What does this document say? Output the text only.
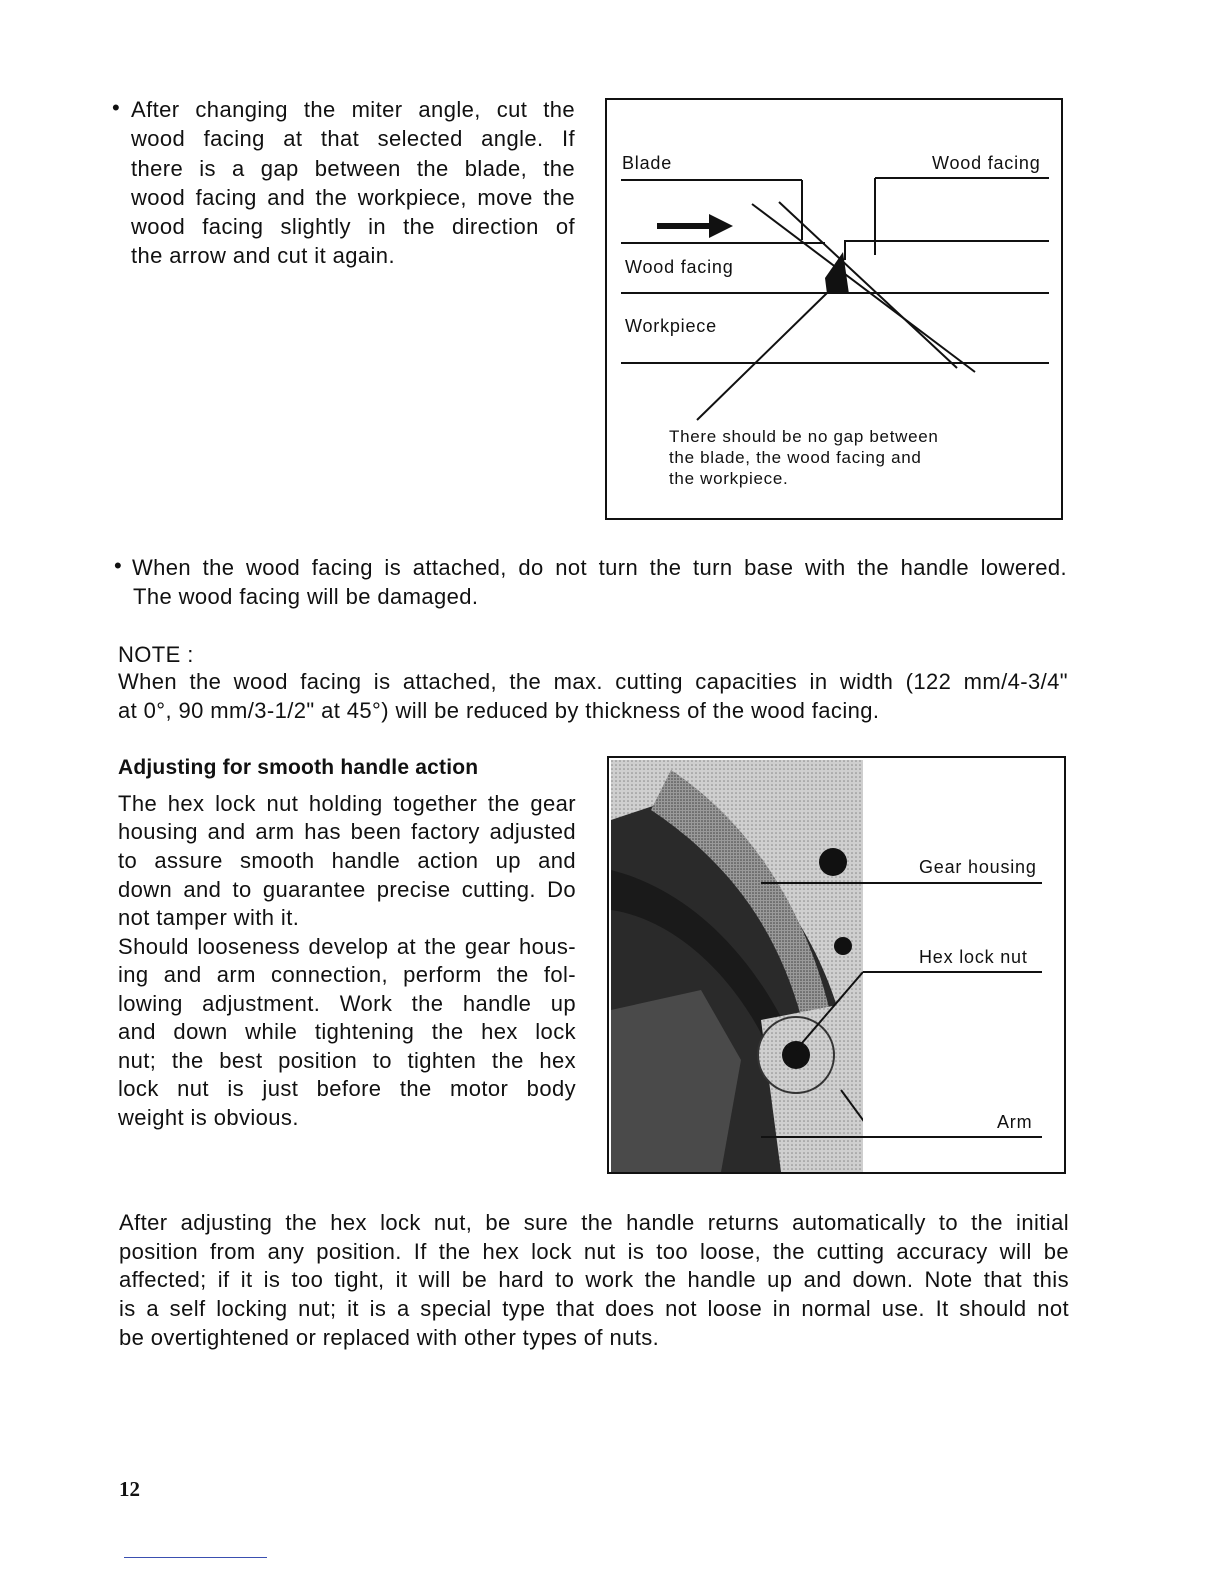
• After changing the miter angle, cut the
wood facing at that selected angle. If
there is a gap between the blade, the
wood facing and the workpiece, move the
wood facing slightly in the direction of
the arrow and cut it again.
Blade	Wood facing
Wood facing
Workpiece
There should be no gap between
the blade, the wood facing and
the workpiece.
• When the wood facing is attached, do not turn the turn base with the handle lowered.
The wood facing will be damaged.
NOTE :
When the wood facing is attached, the max. cutting capacities in width (122 mm/4-3/4"
at 0°, 90 mm/3-1/2" at 45°) will be reduced by thickness of the wood facing.
Adjusting for smooth handle action
The hex lock nut holding together the gear
housing and arm has been factory adjusted
to assure smooth handle action up and
down and to guarantee precise cutting. Do
not tamper with it.
Should looseness develop at the gear hous-
ing and arm connection, perform the fol-
lowing adjustment. Work the handle up
and down while tightening the hex lock
nut; the best position to tighten the hex
lock nut is just before the motor body
weight is obvious.
Gear housing
Hex lock nut
Arm
After adjusting the hex lock nut, be sure the handle returns automatically to the initial
position from any position. If the hex lock nut is too loose, the cutting accuracy will be
affected; if it is too tight, it will be hard to work the handle up and down. Note that this
is a self locking nut; it is a special type that does not loose in normal use. It should not
be overtightened or replaced with other types of nuts.
12
